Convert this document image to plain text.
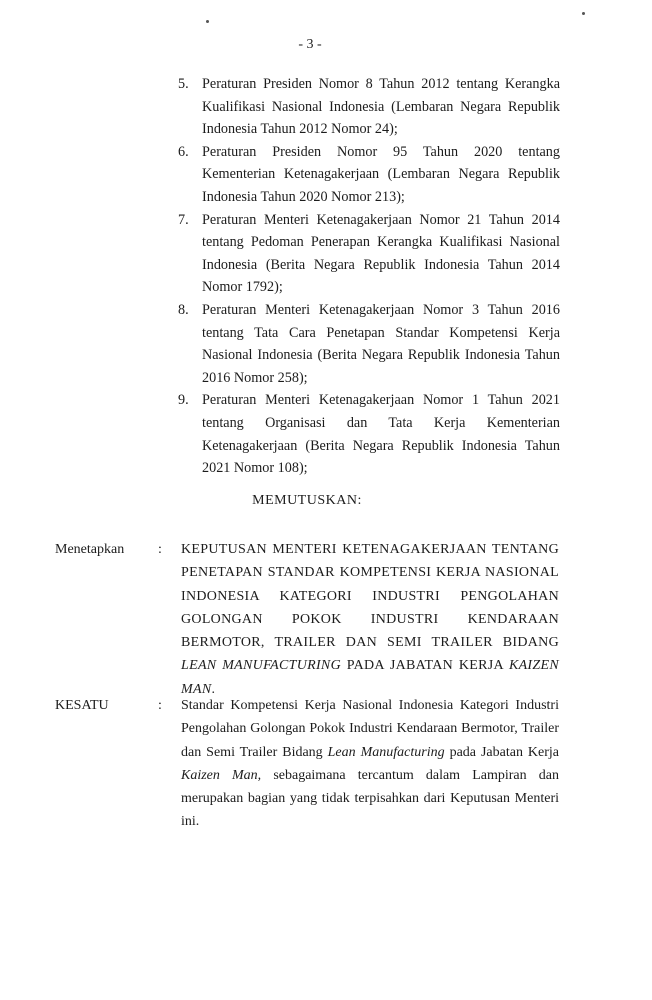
- 3 -
5. Peraturan Presiden Nomor 8 Tahun 2012 tentang Kerangka Kualifikasi Nasional Indonesia (Lembaran Negara Republik Indonesia Tahun 2012 Nomor 24);
6. Peraturan Presiden Nomor 95 Tahun 2020 tentang Kementerian Ketenagakerjaan (Lembaran Negara Republik Indonesia Tahun 2020 Nomor 213);
7. Peraturan Menteri Ketenagakerjaan Nomor 21 Tahun 2014 tentang Pedoman Penerapan Kerangka Kualifikasi Nasional Indonesia (Berita Negara Republik Indonesia Tahun 2014 Nomor 1792);
8. Peraturan Menteri Ketenagakerjaan Nomor 3 Tahun 2016 tentang Tata Cara Penetapan Standar Kompetensi Kerja Nasional Indonesia (Berita Negara Republik Indonesia Tahun 2016 Nomor 258);
9. Peraturan Menteri Ketenagakerjaan Nomor 1 Tahun 2021 tentang Organisasi dan Tata Kerja Kementerian Ketenagakerjaan (Berita Negara Republik Indonesia Tahun 2021 Nomor 108);
MEMUTUSKAN:
Menetapkan : KEPUTUSAN MENTERI KETENAGAKERJAAN TENTANG PENETAPAN STANDAR KOMPETENSI KERJA NASIONAL INDONESIA KATEGORI INDUSTRI PENGOLAHAN GOLONGAN POKOK INDUSTRI KENDARAAN BERMOTOR, TRAILER DAN SEMI TRAILER BIDANG LEAN MANUFACTURING PADA JABATAN KERJA KAIZEN MAN.
KESATU	: Standar Kompetensi Kerja Nasional Indonesia Kategori Industri Pengolahan Golongan Pokok Industri Kendaraan Bermotor, Trailer dan Semi Trailer Bidang Lean Manufacturing pada Jabatan Kerja Kaizen Man, sebagaimana tercantum dalam Lampiran dan merupakan bagian yang tidak terpisahkan dari Keputusan Menteri ini.
